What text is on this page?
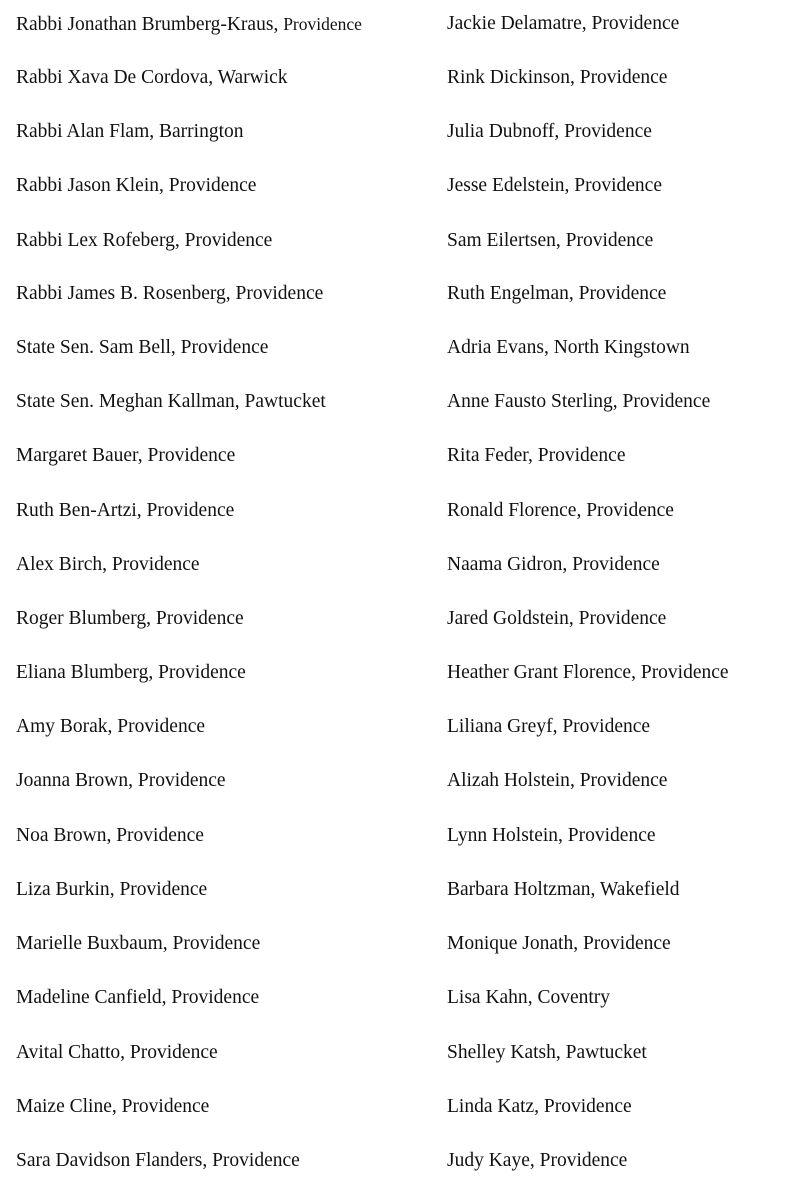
Rabbi Jonathan Brumberg-Kraus, Providence
Rabbi Xava De Cordova, Warwick
Rabbi Alan Flam, Barrington
Rabbi Jason Klein, Providence
Rabbi Lex Rofeberg, Providence
Rabbi James B. Rosenberg, Providence
State Sen. Sam Bell, Providence
State Sen. Meghan Kallman, Pawtucket
Margaret Bauer, Providence
Ruth Ben-Artzi, Providence
Alex Birch, Providence
Roger Blumberg, Providence
Eliana Blumberg, Providence
Amy Borak, Providence
Joanna Brown, Providence
Noa Brown, Providence
Liza Burkin, Providence
Marielle Buxbaum, Providence
Madeline Canfield, Providence
Avital Chatto, Providence
Maize Cline, Providence
Sara Davidson Flanders, Providence
Jackie Delamatre, Providence
Rink Dickinson, Providence
Julia Dubnoff, Providence
Jesse Edelstein, Providence
Sam Eilertsen, Providence
Ruth Engelman, Providence
Adria Evans, North Kingstown
Anne Fausto Sterling, Providence
Rita Feder, Providence
Ronald Florence, Providence
Naama Gidron, Providence
Jared Goldstein, Providence
Heather Grant Florence, Providence
Liliana Greyf, Providence
Alizah Holstein, Providence
Lynn Holstein, Providence
Barbara Holtzman, Wakefield
Monique Jonath, Providence
Lisa Kahn, Coventry
Shelley Katsh, Pawtucket
Linda Katz, Providence
Judy Kaye, Providence
